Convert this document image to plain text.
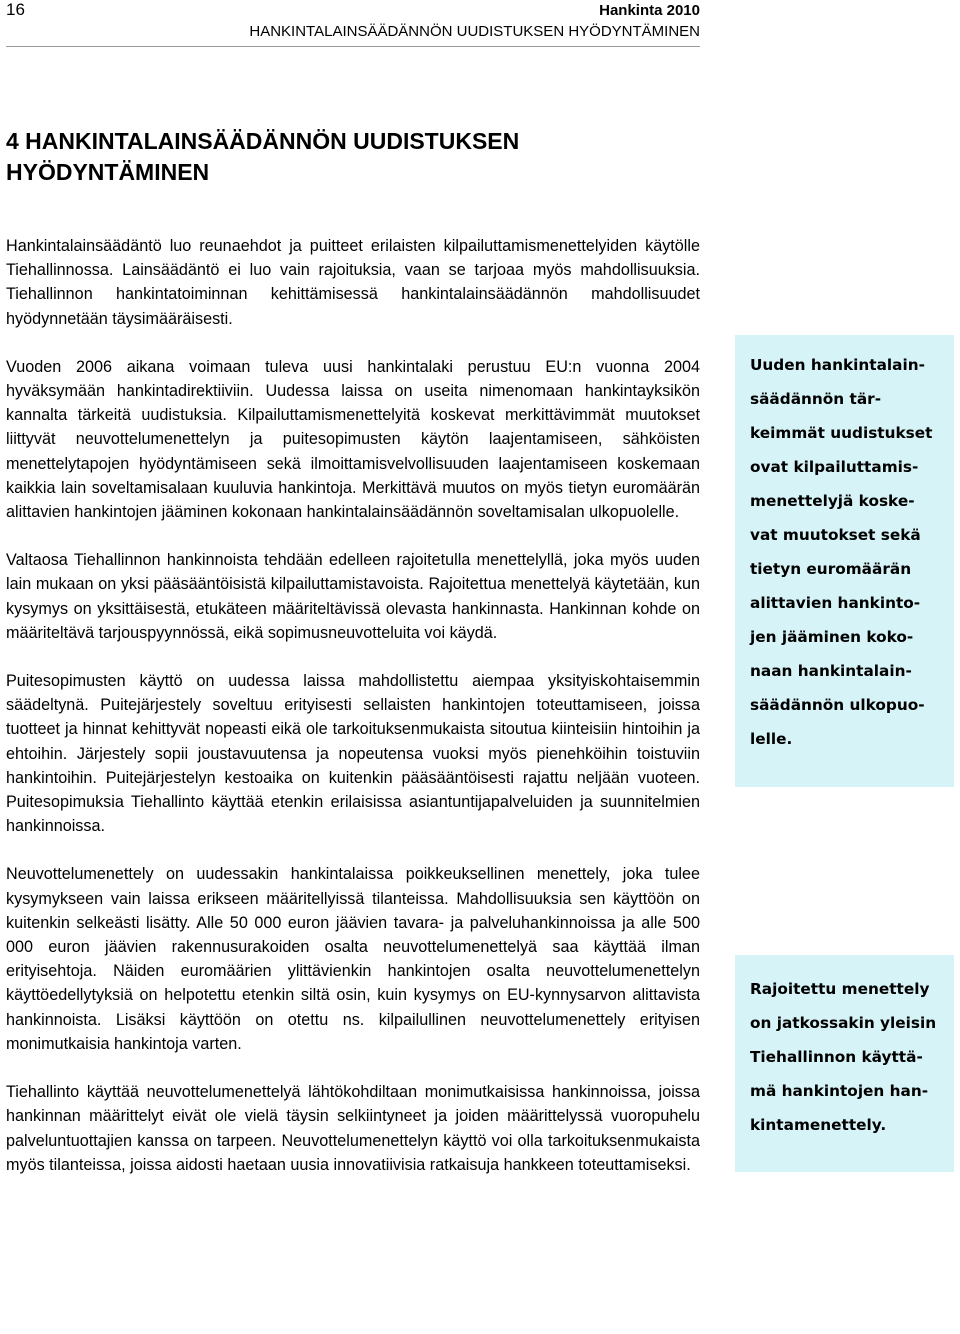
16	Hankinta 2010
HANKINTALAINSÄÄDÄNNÖN UUDISTUKSEN HYÖDYNTÄMINEN
4 HANKINTALAINSÄÄDÄNNÖN UUDISTUKSEN HYÖDYNTÄMINEN

Hankintalainsäädäntö luo reunaehdot ja puitteet erilaisten kilpailuttamismenettelyiden käytölle Tiehallinnossa. Lainsäädäntö ei luo vain rajoituksia, vaan se tarjoaa myös mahdollisuuksia. Tiehallinnon hankintatoiminnan kehittämisessä hankintalainsäädännön mahdollisuudet hyödynnetään täysimääräisesti.

Vuoden 2006 aikana voimaan tuleva uusi hankintalaki perustuu EU:n vuonna 2004 hyväksymään hankintadirektiiviin. Uudessa laissa on useita nimenomaan hankintayksikön kannalta tärkeitä uudistuksia. Kilpailuttamismenettelyitä koskevat merkittävimmät muutokset liittyvät neuvottelumenettelyn ja puitesopimusten käytön laajentamiseen, sähköisten menettelytapojen hyödyntämiseen sekä ilmoittamisvelvollisuuden laajentamiseen koskemaan kaikkia lain soveltamisalaan kuuluvia hankintoja. Merkittävä muutos on myös tietyn euromäärän alittavien hankintojen jääminen kokonaan hankintalainsäädännön soveltamisalan ulkopuolelle.

Valtaosa Tiehallinnon hankinnoista tehdään edelleen rajoitetulla menettelyllä, joka myös uuden lain mukaan on yksi pääsääntöisistä kilpailuttamistavoista. Rajoitettua menettelyä käytetään, kun kysymys on yksittäisestä, etukäteen määriteltävissä olevasta hankinnasta. Hankinnan kohde on määriteltävä tarjouspyynnössä, eikä sopimusneuvotteluita voi käydä.

Puitesopimusten käyttö on uudessa laissa mahdollistettu aiempaa yksityiskohtaisemmin säädeltynä. Puitejärjestely soveltuu erityisesti sellaisten hankintojen toteuttamiseen, joissa tuotteet ja hinnat kehittyvät nopeasti eikä ole tarkoituksenmukaista sitoutua kiinteisiin hintoihin ja ehtoihin. Järjestely sopii joustavuutensa ja nopeutensa vuoksi myös pienehköihin toistuviin hankintoihin. Puitejärjestelyn kestoaika on kuitenkin pääsääntöisesti rajattu neljään vuoteen. Puitesopimuksia Tiehallinto käyttää etenkin erilaisissa asiantuntijapalveluiden ja suunnitelmien hankinnoissa.

Neuvottelumenettely on uudessakin hankintalaissa poikkeuksellinen menettely, joka tulee kysymykseen vain laissa erikseen määritellyissä tilanteissa. Mahdollisuuksia sen käyttöön on kuitenkin selkeästi lisätty. Alle 50 000 euron jäävien tavara- ja palveluhankinnoissa ja alle 500 000 euron jäävien rakennusurakoiden osalta neuvottelumenettelyä saa käyttää ilman erityisehtoja. Näiden euromäärien ylittävienkin hankintojen osalta neuvottelumenettelyn käyttöedellytyksiä on helpotettu etenkin siltä osin, kuin kysymys on EU-kynnysarvon alittavista hankinnoista. Lisäksi käyttöön on otettu ns. kilpailullinen neuvottelumenettely erityisen monimutkaisia hankintoja varten.

Tiehallinto käyttää neuvottelumenettelyä lähtökohdiltaan monimutkaisissa hankinnoissa, joissa hankinnan määrittelyt eivät ole vielä täysin selkiintyneet ja joiden määrittelyssä vuoropuhelu palveluntuottajien kanssa on tarpeen. Neuvottelumenettelyn käyttö voi olla tarkoituksenmukaista myös tilanteissa, joissa aidosti haetaan uusia innovatiivisia ratkaisuja hankkeen toteuttamiseksi.

Uuden hankintalain-
säädännön tär-
keimmät uudistukset
ovat kilpailuttamis-
menettelyjä koske-
vat muutokset sekä
tietyn euromäärän
alittavien hankinto-
jen jääminen koko-
naan hankintalain-
säädännön ulkopuo-
lelle.
Rajoitettu menettely
on jatkossakin yleisin
Tiehallinnon käyttä-
mä hankintojen han-
kintamenettely.
